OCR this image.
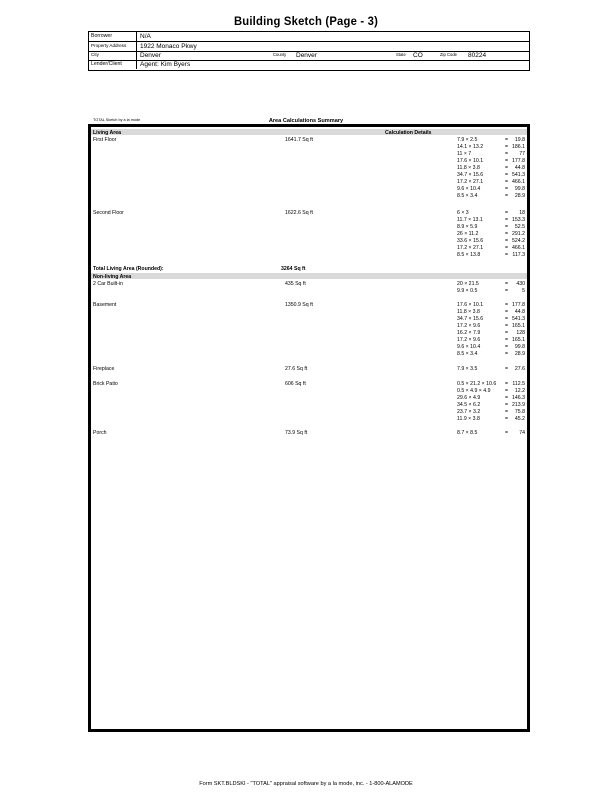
Building Sketch (Page - 3)
Borrower	N/A
Property Address 1922 Monaco Pkwy
City	Denver	County Denver	State CO	Zip Code 80224
Lender/Client	Agent: Kim Byers
TOTAL Sketch by a la mode	Area Calculations Summary
Living Area	Calculation Details
First Floor	1641.7 Sq ft	7.9 × 2.5	= 19.8
14.1 × 13.2	= 186.1
11 × 7	= 77
17.6 × 10.1	= 177.8
11.8 × 3.8	= 44.8
34.7 × 15.6	= 541.3
17.2 × 27.1	= 466.1
9.6 × 10.4	= 99.8
8.5 × 3.4	= 28.9
Second Floor	1622.6 Sq ft	6 × 3	= 18
11.7 × 13.1	= 153.3
8.9 × 5.9	= 52.5
26 × 11.2	= 291.2
33.6 × 15.6	= 524.2
17.2 × 27.1	= 466.1
8.5 × 13.8	= 117.3
Total Living Area (Rounded):	3264 Sq ft
Non-living Area
2 Car Built-in	435 Sq ft	20 × 21.5	= 430
9.9 × 0.5	=	5
Basement	1350.9 Sq ft	17.6 × 10.1	= 177.8
11.8 × 3.8	= 44.8
34.7 × 15.6	= 541.3
17.2 × 9.6	= 165.1
16.2 × 7.9	= 128
17.2 × 9.6	= 165.1
9.6 × 10.4	= 99.8
8.5 × 3.4	= 28.9
Fireplace	27.6 Sq ft	7.9 × 3.5	= 27.6
Brick Patio	606 Sq ft	0.5 × 21.2 × 10.6 = 112.5
0.5 × 4.9 × 4.9	= 12.2
29.6 × 4.9	= 146.3
34.5 × 6.2	= 213.9
23.7 × 3.2	= 75.8
11.9 × 3.8	= 45.2
Porch	73.9 Sq ft	8.7 × 8.5	= 74
Form SKT.BLDSKI - "TOTAL" appraisal software by a la mode, inc. - 1-800-ALAMODE
